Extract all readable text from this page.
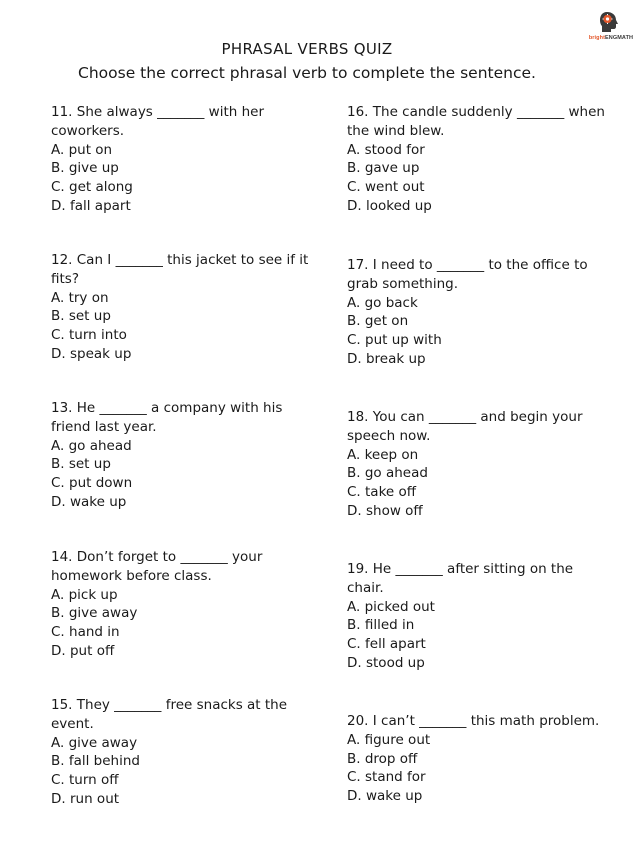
brightENGMATH
PHRASAL VERBS QUIZ

Choose the correct phrasal verb to complete the sentence.

11. She always _______ with her coworkers.
A. put on
B. give up
C. get along
D. fall apart
12. Can I _______ this jacket to see if it fits?
A. try on
B. set up
C. turn into
D. speak up
13. He _______ a company with his friend last year.
A. go ahead
B. set up
C. put down
D. wake up
14. Don’t forget to _______ your homework before class.
A. pick up
B. give away
C. hand in
D. put off
15. They _______ free snacks at the event.
A. give away
B. fall behind
C. turn off
D. run out
16. The candle suddenly _______ when the wind blew.
A. stood for
B. gave up
C. went out
D. looked up
17. I need to _______ to the office to grab something.
A. go back
B. get on
C. put up with
D. break up
18. You can _______ and begin your speech now.
A. keep on
B. go ahead
C. take off
D. show off
19. He _______ after sitting on the chair.
A. picked out
B. filled in
C. fell apart
D. stood up
20. I can’t _______ this math problem.
A. figure out
B. drop off
C. stand for
D. wake up
